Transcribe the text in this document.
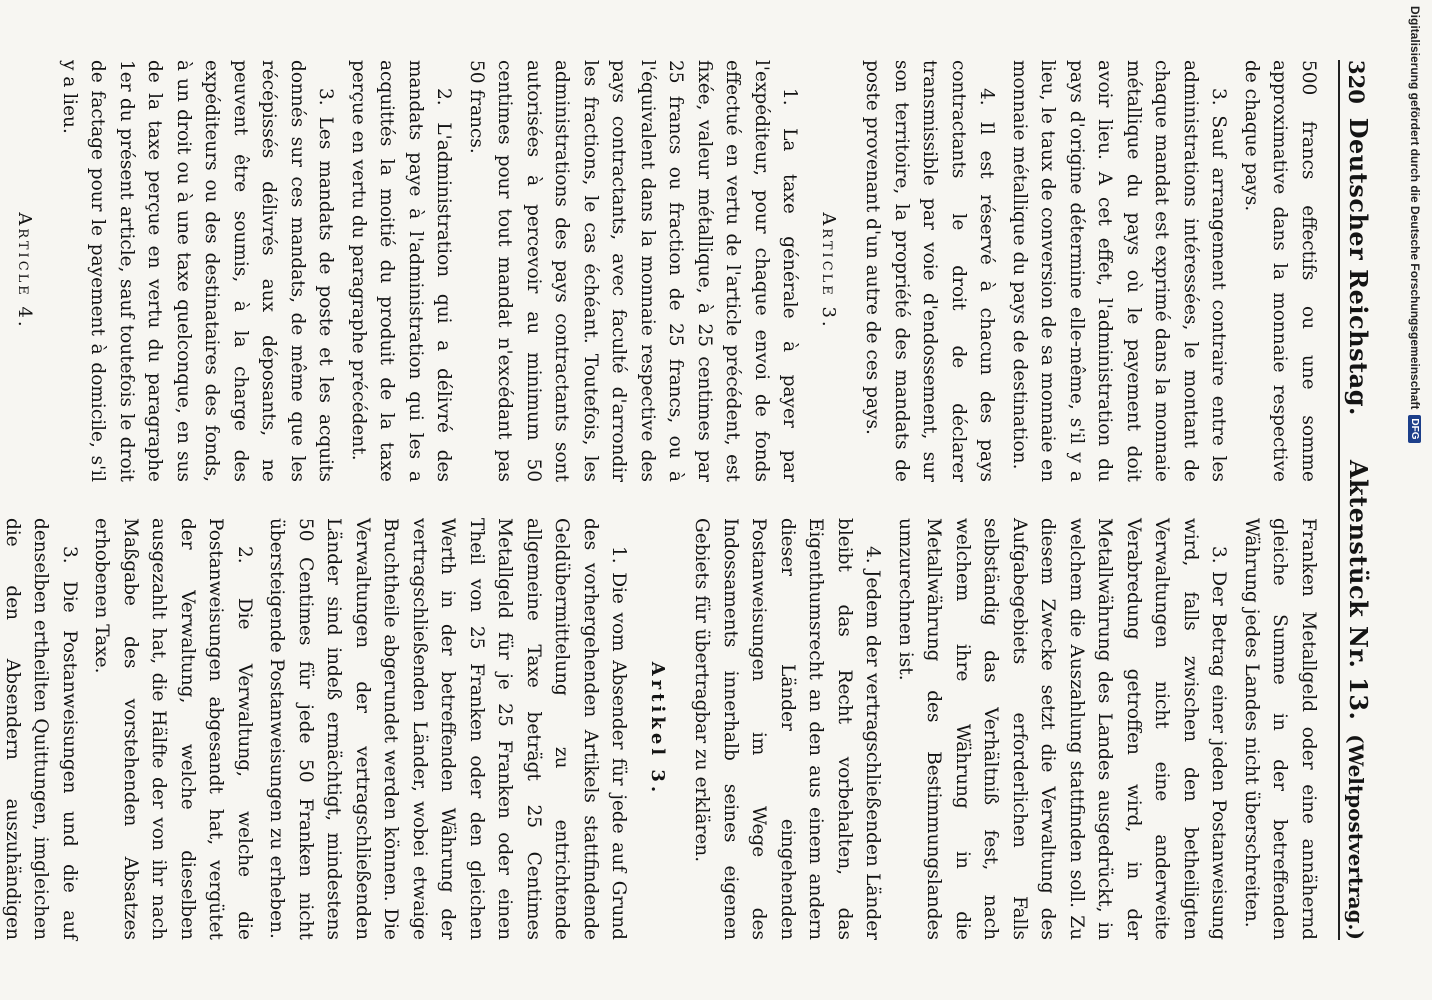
320
Deutscher Reichstag.Aktenstück Nr. 13.
(Weltpostvertrag.)

500 francs effectifs ou une somme approximative dans la monnaie respective de chaque pays.

3. Sauf arrangement contraire entre les administrations intéressées, le montant de chaque mandat est exprimé dans la monnaie métallique du pays où le payement doit avoir lieu. A cet effet, l'administration du pays d'origine détermine elle-même, s'il y a lieu, le taux de conversion de sa monnaie en monnaie métallique du pays de destination.

4. Il est réservé à chacun des pays contractants le droit de déclarer transmissible par voie d'endossement, sur son territoire, la propriété des mandats de poste provenant d'un autre de ces pays.

Article 3.

1. La taxe générale à payer par l'expéditeur, pour chaque envoi de fonds effectué en vertu de l'article précédent, est fixée, valeur métallique, à 25 centimes par 25 francs ou fraction de 25 francs, ou à l'équivalent dans la monnaie respective des pays contractants, avec faculté d'arrondir les fractions, le cas échéant. Toutefois, les administrations des pays contractants sont autorisées à percevoir au minimum 50 centimes pour tout mandat n'excédant pas 50 francs.

2. L'administration qui a délivré des mandats paye à l'administration qui les a acquittés la moitié du produit de la taxe perçue en vertu du paragraphe précédent.

3. Les mandats de poste et les acquits donnés sur ces mandats, de même que les récépissés délivrés aux déposants, ne peuvent être soumis, à la charge des expéditeurs ou des destinataires des fonds, à un droit ou à une taxe quelconque, en sus de la taxe perçue en vertu du paragraphe 1er du présent article, sauf toutefois le droit de factage pour le payement à domicile, s'il y a lieu.

Article 4.

Franken Metallgeld oder eine annähernd gleiche Summe in der betreffenden Währung jedes Landes nicht überschreiten.

3. Der Betrag einer jeden Postanweisung wird, falls zwischen den betheiligten Verwaltungen nicht eine anderweite Verabredung getroffen wird, in der Metallwährung des Landes ausgedrückt, in welchem die Auszahlung stattfinden soll. Zu diesem Zwecke setzt die Verwaltung des Aufgabegebiets erforderlichen Falls selbständig das Verhältniß fest, nach welchem ihre Währung in die Metallwährung des Bestimmungslandes umzurechnen ist.

4. Jedem der vertragschließenden Länder bleibt das Recht vorbehalten, das Eigenthumsrecht an den aus einem andern dieser Länder eingehenden Postanweisungen im Wege des Indossaments innerhalb seines eigenen Gebiets für übertragbar zu erklären.

Artikel 3.

1. Die vom Absender für jede auf Grund des vorhergehenden Artikels stattfindende Geldübermittelung zu entrichtende allgemeine Taxe beträgt 25 Centimes Metallgeld für je 25 Franken oder einen Theil von 25 Franken oder den gleichen Werth in der betreffenden Währung der vertragschließenden Länder, wobei etwaige Bruchtheile abgerundet werden können. Die Verwaltungen der vertragschließenden Länder sind indeß ermächtigt, mindestens 50 Centimes für jede 50 Franken nicht übersteigende Postanweisungen zu erheben.

2. Die Verwaltung, welche die Postanweisungen abgesandt hat, vergütet der Verwaltung, welche dieselben ausgezahlt hat, die Hälfte der von ihr nach Maßgabe des vorstehenden Absatzes erhobenen Taxe.

3. Die Postanweisungen und die auf denselben ertheilten Quittungen, imgleichen die den Absendern auszuhändigen

Digitalisierung gefördert durch die Deutsche Forschungsgemeinschaft
DFG
